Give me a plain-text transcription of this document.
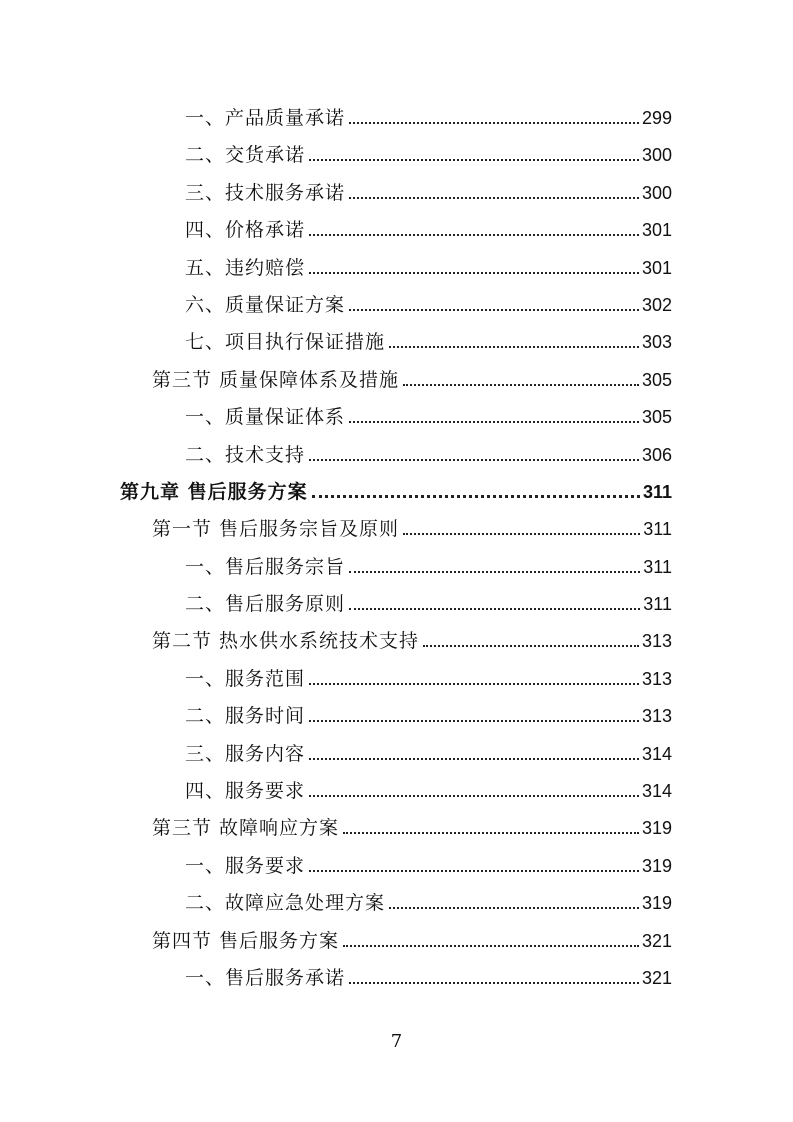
一、产品质量承诺	299
二、交货承诺	300
三、技术服务承诺	300
四、价格承诺	301
五、违约赔偿	301
六、质量保证方案	302
七、项目执行保证措施	303
第三节 质量保障体系及措施	305
一、质量保证体系	305
二、技术支持	306
第九章 售后服务方案	311
第一节 售后服务宗旨及原则	311
一、售后服务宗旨	311
二、售后服务原则	311
第二节 热水供水系统技术支持	313
一、服务范围	313
二、服务时间	313
三、服务内容	314
四、服务要求	314
第三节 故障响应方案	319
一、服务要求	319
二、故障应急处理方案	319
第四节 售后服务方案	321
一、售后服务承诺	321
7
